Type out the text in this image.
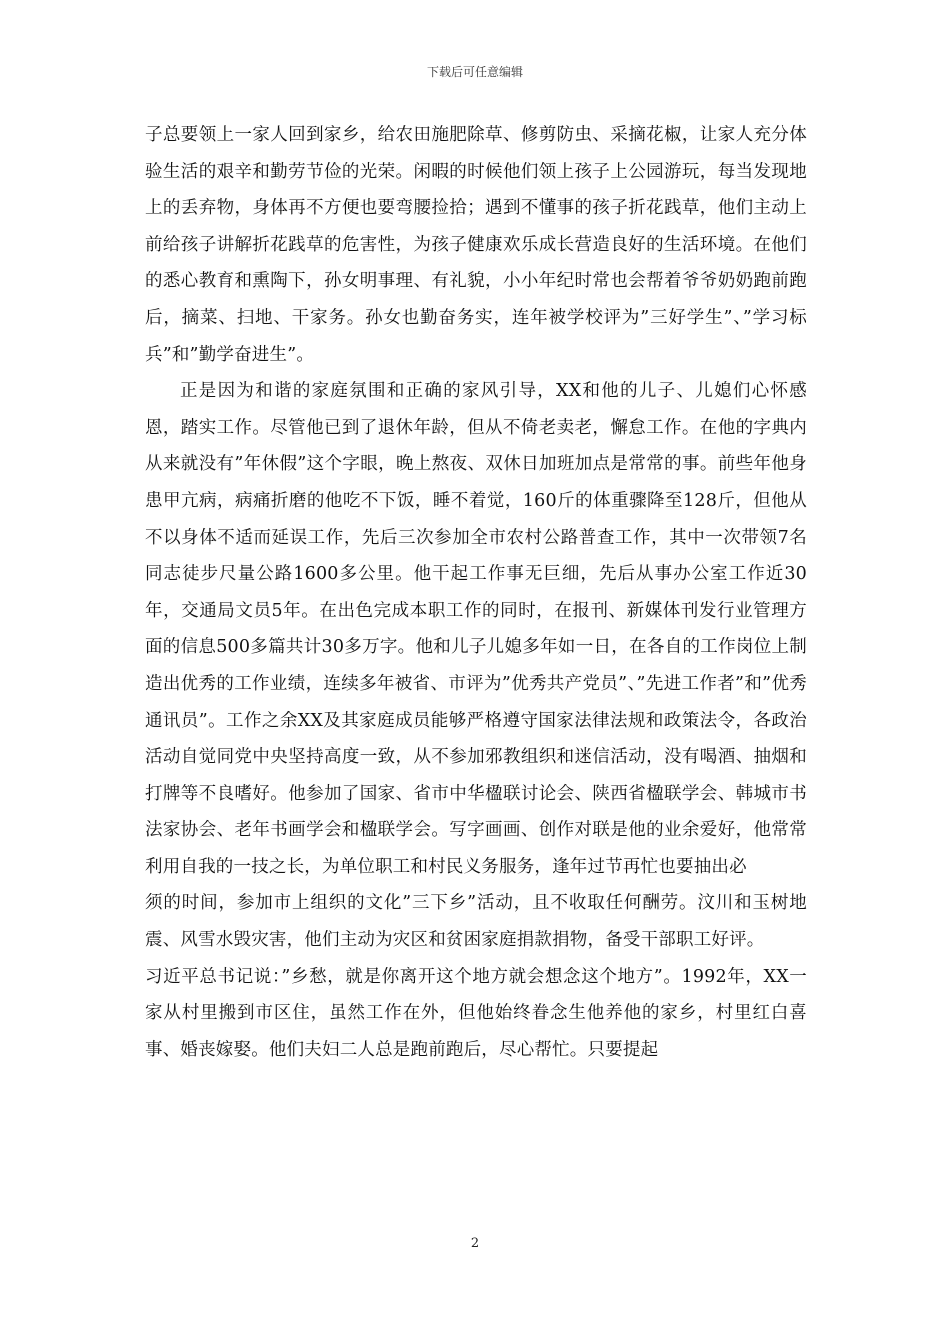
下载后可任意编辑

子总要领上一家人回到家乡，给农田施肥除草、修剪防虫、采摘花椒，让家人充分体验生活的艰辛和勤劳节俭的光荣。闲暇的时候他们领上孩子上公园游玩，每当发现地上的丢弃物，身体再不方便也要弯腰捡拾；遇到不懂事的孩子折花践草，他们主动上前给孩子讲解折花践草的危害性，为孩子健康欢乐成长营造良好的生活环境。在他们的悉心教育和熏陶下，孙女明事理、有礼貌，小小年纪时常也会帮着爷爷奶奶跑前跑后，摘菜、扫地、干家务。孙女也勤奋务实，连年被学校评为”三好学生”、”学习标兵”和”勤学奋进生”。

正是因为和谐的家庭氛围和正确的家风引导，XX和他的儿子、儿媳们心怀感恩，踏实工作。尽管他已到了退休年龄，但从不倚老卖老，懈怠工作。在他的字典内从来就没有”年休假”这个字眼，晚上熬夜、双休日加班加点是常常的事。前些年他身患甲亢病，病痛折磨的他吃不下饭，睡不着觉，160斤的体重骤降至128斤，但他从不以身体不适而延误工作，先后三次参加全市农村公路普查工作，其中一次带领7名同志徒步尺量公路1600多公里。他干起工作事无巨细，先后从事办公室工作近30年，交通局文员5年。在出色完成本职工作的同时，在报刊、新媒体刊发行业管理方面的信息500多篇共计30多万字。他和儿子儿媳多年如一日，在各自的工作岗位上制造出优秀的工作业绩，连续多年被省、市评为”优秀共产党员”、”先进工作者”和”优秀通讯员”。工作之余XX及其家庭成员能够严格遵守国家法律法规和政策法令，各政治活动自觉同党中央坚持高度一致，从不参加邪教组织和迷信活动，没有喝酒、抽烟和打牌等不良嗜好。他参加了国家、省市中华楹联讨论会、陕西省楹联学会、韩城市书法家协会、老年书画学会和楹联学会。写字画画、创作对联是他的业余爱好，他常常利用自我的一技之长，为单位职工和村民义务服务，逢年过节再忙也要抽出必

须的时间，参加市上组织的文化”三下乡”活动，且不收取任何酬劳。汶川和玉树地震、风雪水毁灾害，他们主动为灾区和贫困家庭捐款捐物，备受干部职工好评。

习近平总书记说：”乡愁，就是你离开这个地方就会想念这个地方”。1992年，XX一家从村里搬到市区住，虽然工作在外，但他始终眷念生他养他的家乡，村里红白喜事、婚丧嫁娶。他们夫妇二人总是跑前跑后，尽心帮忙。只要提起

2
